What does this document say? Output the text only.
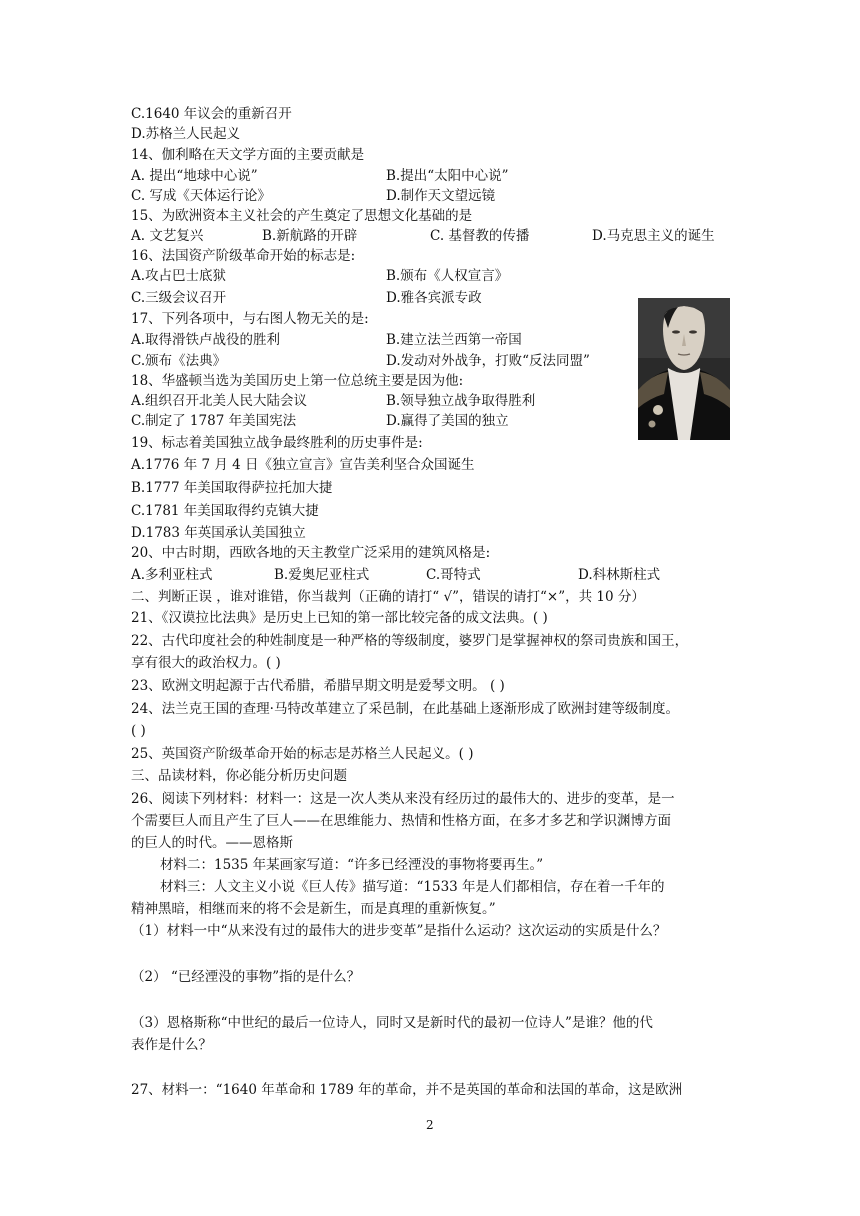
C.1640 年议会的重新召开
D.苏格兰人民起义
14、伽利略在天文学方面的主要贡献是
A. 提出“地球中心说”	B.提出“太阳中心说”
C. 写成《天体运行论》	D.制作天文望远镜
15、为欧洲资本主义社会的产生奠定了思想文化基础的是
A. 文艺复兴	B.新航路的开辟	C. 基督教的传播	D.马克思主义的诞生
16、法国资产阶级革命开始的标志是:
A.攻占巴士底狱	B.颁布《人权宣言》
C.三级会议召开	D.雅各宾派专政
17、下列各项中，与右图人物无关的是:
A.取得滑铁卢战役的胜利	B.建立法兰西第一帝国
C.颁布《法典》	D.发动对外战争，打败“反法同盟”
18、华盛顿当选为美国历史上第一位总统主要是因为他:
A.组织召开北美人民大陆会议	B.领导独立战争取得胜利
C.制定了 1787 年美国宪法	D.赢得了美国的独立
19、标志着美国独立战争最终胜利的历史事件是:
A.1776 年 7 月 4 日《独立宣言》宣告美利坚合众国诞生
B.1777 年美国取得萨拉托加大捷
C.1781 年美国取得约克镇大捷
D.1783 年英国承认美国独立
20、中古时期，西欧各地的天主教堂广泛采用的建筑风格是:
A.多利亚柱式	B.爱奥尼亚柱式	C.哥特式	D.科林斯柱式
二、判断正误 ，谁对谁错，你当裁判（正确的请打“ √”，错误的请打“×”，共 10 分）
21、《汉谟拉比法典》是历史上已知的第一部比较完备的成文法典。( )
22、古代印度社会的种姓制度是一种严格的等级制度，婆罗门是掌握神权的祭司贵族和国王，
享有很大的政治权力。( )
23、欧洲文明起源于古代希腊，希腊早期文明是爱琴文明。 ( )
24、法兰克王国的查理·马特改革建立了采邑制，在此基础上逐渐形成了欧洲封建等级制度。
( )
25、英国资产阶级革命开始的标志是苏格兰人民起义。( )
三、品读材料，你必能分析历史问题
26、阅读下列材料：材料一：这是一次人类从来没有经历过的最伟大的、进步的变革，是一
个需要巨人而且产生了巨人——在思维能力、热情和性格方面，在多才多艺和学识渊博方面
的巨人的时代。——恩格斯
材料二：1535 年某画家写道：“许多已经湮没的事物将要再生。”
材料三：人文主义小说《巨人传》描写道：“1533 年是人们都相信，存在着一千年的
精神黑暗，相继而来的将不会是新生，而是真理的重新恢复。”
（1）材料一中“从来没有过的最伟大的进步变革”是指什么运动？这次运动的实质是什么？
（2） “已经湮没的事物”指的是什么？
（3）恩格斯称“中世纪的最后一位诗人，同时又是新时代的最初一位诗人”是谁？他的代
表作是什么？
27、材料一：“1640 年革命和 1789 年的革命，并不是英国的革命和法国的革命，这是欧洲
2
